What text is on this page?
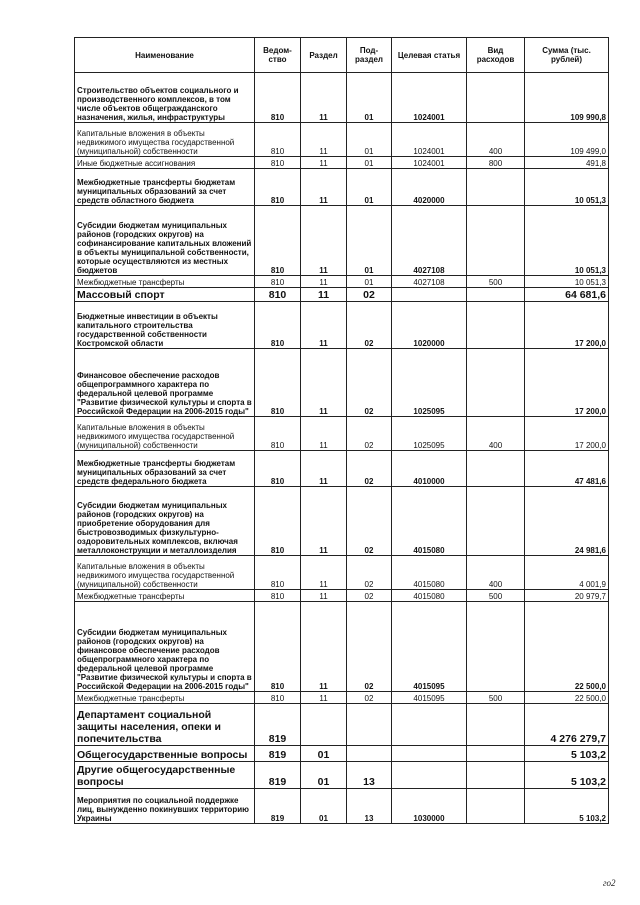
Наименование	Ведом-ство	Раздел	Под-раздел	Целевая статья	Вид расходов	Сумма (тыс. рублей)
Строительство объектов социального и производственного комплексов, в том числе объектов общегражданского назначения, жилья, инфраструктуры	810	11	01	1024001		109 990,8
Капитальные вложения в объекты недвижимого имущества государственной (муниципальной) собственности	810	11	01	1024001	400	109 499,0
Иные бюджетные ассигнования	810	11	01	1024001	800	491,8
Межбюджетные трансферты бюджетам муниципальных образований за счет средств областного бюджета	810	11	01	4020000		10 051,3
Субсидии бюджетам муниципальных районов (городских округов) на софинансирование капитальных вложений в объекты муниципальной собственности, которые осуществляются из местных бюджетов	810	11	01	4027108		10 051,3
Межбюджетные трансферты	810	11	01	4027108	500	10 051,3
Массовый спорт	810	11	02			64 681,6
Бюджетные инвестиции в объекты капитального строительства государственной собственности Костромской области	810	11	02	1020000		17 200,0
Финансовое обеспечение расходов общепрограммного характера по федеральной целевой программе "Развитие физической культуры и спорта в Российской Федерации на 2006-2015 годы"	810	11	02	1025095		17 200,0
Капитальные вложения в объекты недвижимого имущества государственной (муниципальной) собственности	810	11	02	1025095	400	17 200,0
Межбюджетные трансферты бюджетам муниципальных образований за счет средств федерального бюджета	810	11	02	4010000		47 481,6
Субсидии бюджетам муниципальных районов (городских округов) на приобретение оборудования для быстровозводимых физкультурно-оздоровительных комплексов, включая металлоконструкции и металлоизделия	810	11	02	4015080		24 981,6
Капитальные вложения в объекты недвижимого имущества государственной (муниципальной) собственности	810	11	02	4015080	400	4 001,9
Межбюджетные трансферты	810	11	02	4015080	500	20 979,7
Субсидии бюджетам муниципальных районов (городских округов) на финансовое обеспечение расходов общепрограммного характера по федеральной целевой программе "Развитие физической культуры и спорта в Российской Федерации на 2006-2015 годы"	810	11	02	4015095		22 500,0
Межбюджетные трансферты	810	11	02	4015095	500	22 500,0
Департамент социальной защиты населения, опеки и попечительства	819					4 276 279,7
Общегосударственные вопросы	819	01				5 103,2
Другие общегосударственные вопросы	819	01	13			5 103,2
Мероприятия по социальной поддержке лиц, вынужденно покинувших территорию Украины	819	01	13	1030000		5 103,2
го2
